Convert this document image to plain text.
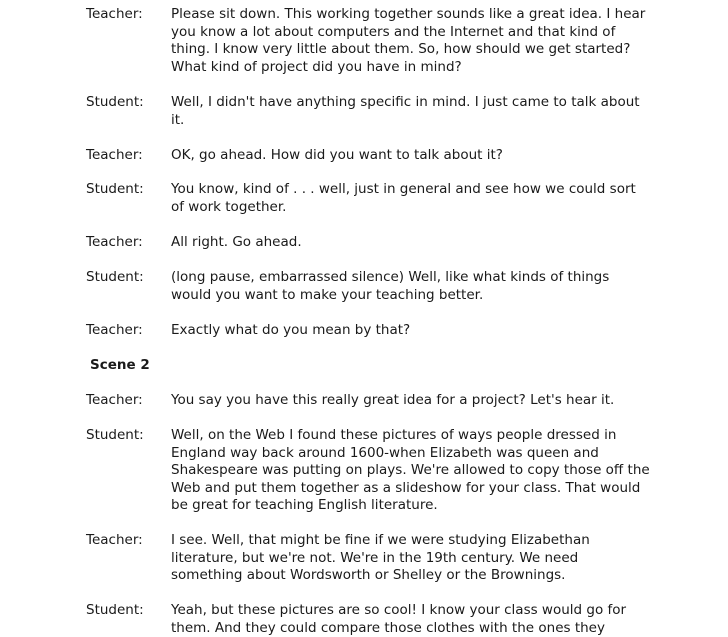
Teacher:	Please sit down. This working together sounds like a great idea. I hear you know a lot about computers and the Internet and that kind of thing. I know very little about them. So, how should we get started? What kind of project did you have in mind?
Student:	Well, I didn't have anything specific in mind. I just came to talk about it.
Teacher:	OK, go ahead. How did you want to talk about it?
Student:	You know, kind of . . . well, just in general and see how we could sort of work together.
Teacher:	All right. Go ahead.
Student:	(long pause, embarrassed silence) Well, like what kinds of things would you want to make your teaching better.
Teacher:	Exactly what do you mean by that?
Scene 2
Teacher:	You say you have this really great idea for a project? Let's hear it.
Student:	Well, on the Web I found these pictures of ways people dressed in England way back around 1600-when Elizabeth was queen and Shakespeare was putting on plays. We're allowed to copy those off the Web and put them together as a slideshow for your class. That would be great for teaching English literature.
Teacher:	I see. Well, that might be fine if we were studying Elizabethan literature, but we're not. We're in the 19th century. We need something about Wordsworth or Shelley or the Brownings.
Student:	Yeah, but these pictures are so cool! I know your class would go for them. And they could compare those clothes with the ones they
